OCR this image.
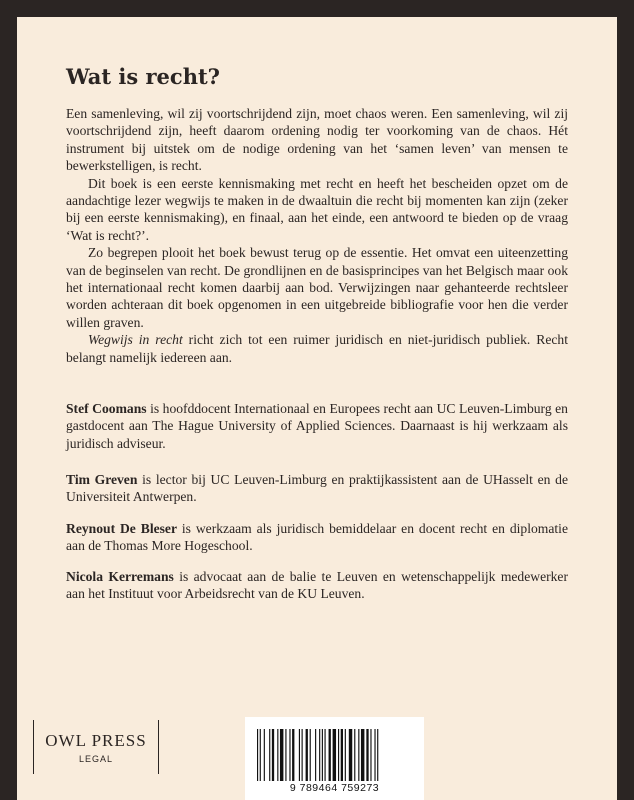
Wat is recht?

Een samenleving, wil zij voortschrijdend zijn, moet chaos weren. Een samenleving, wil zij voortschrijdend zijn, heeft daarom ordening nodig ter voorkoming van de chaos. Hét instrument bij uitstek om de nodige ordening van het ‘samen leven’ van mensen te bewerkstelligen, is recht.

Dit boek is een eerste kennismaking met recht en heeft het bescheiden opzet om de aandachtige lezer wegwijs te maken in de dwaaltuin die recht bij momenten kan zijn (zeker bij een eerste kennismaking), en finaal, aan het einde, een antwoord te bieden op de vraag ‘Wat is recht?’.

Zo begrepen plooit het boek bewust terug op de essentie. Het omvat een uiteenzetting van de beginselen van recht. De grondlijnen en de basisprincipes van het Belgisch maar ook het internationaal recht komen daarbij aan bod. Verwijzingen naar gehanteerde rechtsleer worden achteraan dit boek opgenomen in een uitgebreide bibliografie voor hen die verder willen graven.

Wegwijs in recht richt zich tot een ruimer juridisch en niet-juridisch publiek. Recht belangt namelijk iedereen aan.

Stef Coomans is hoofddocent Internationaal en Europees recht aan UC Leuven-Limburg en gastdocent aan The Hague University of Applied Sciences. Daarnaast is hij werkzaam als juridisch adviseur.

Tim Greven is lector bij UC Leuven-Limburg en praktijkassistent aan de UHasselt en de Universiteit Antwerpen.

Reynout De Bleser is werkzaam als juridisch bemiddelaar en docent recht en diplomatie aan de Thomas More Hogeschool.

Nicola Kerremans is advocaat aan de balie te Leuven en wetenschappelijk medewerker aan het Instituut voor Arbeidsrecht van de KU Leuven.

OWL PRESS
LEGAL
9 789464 759273
